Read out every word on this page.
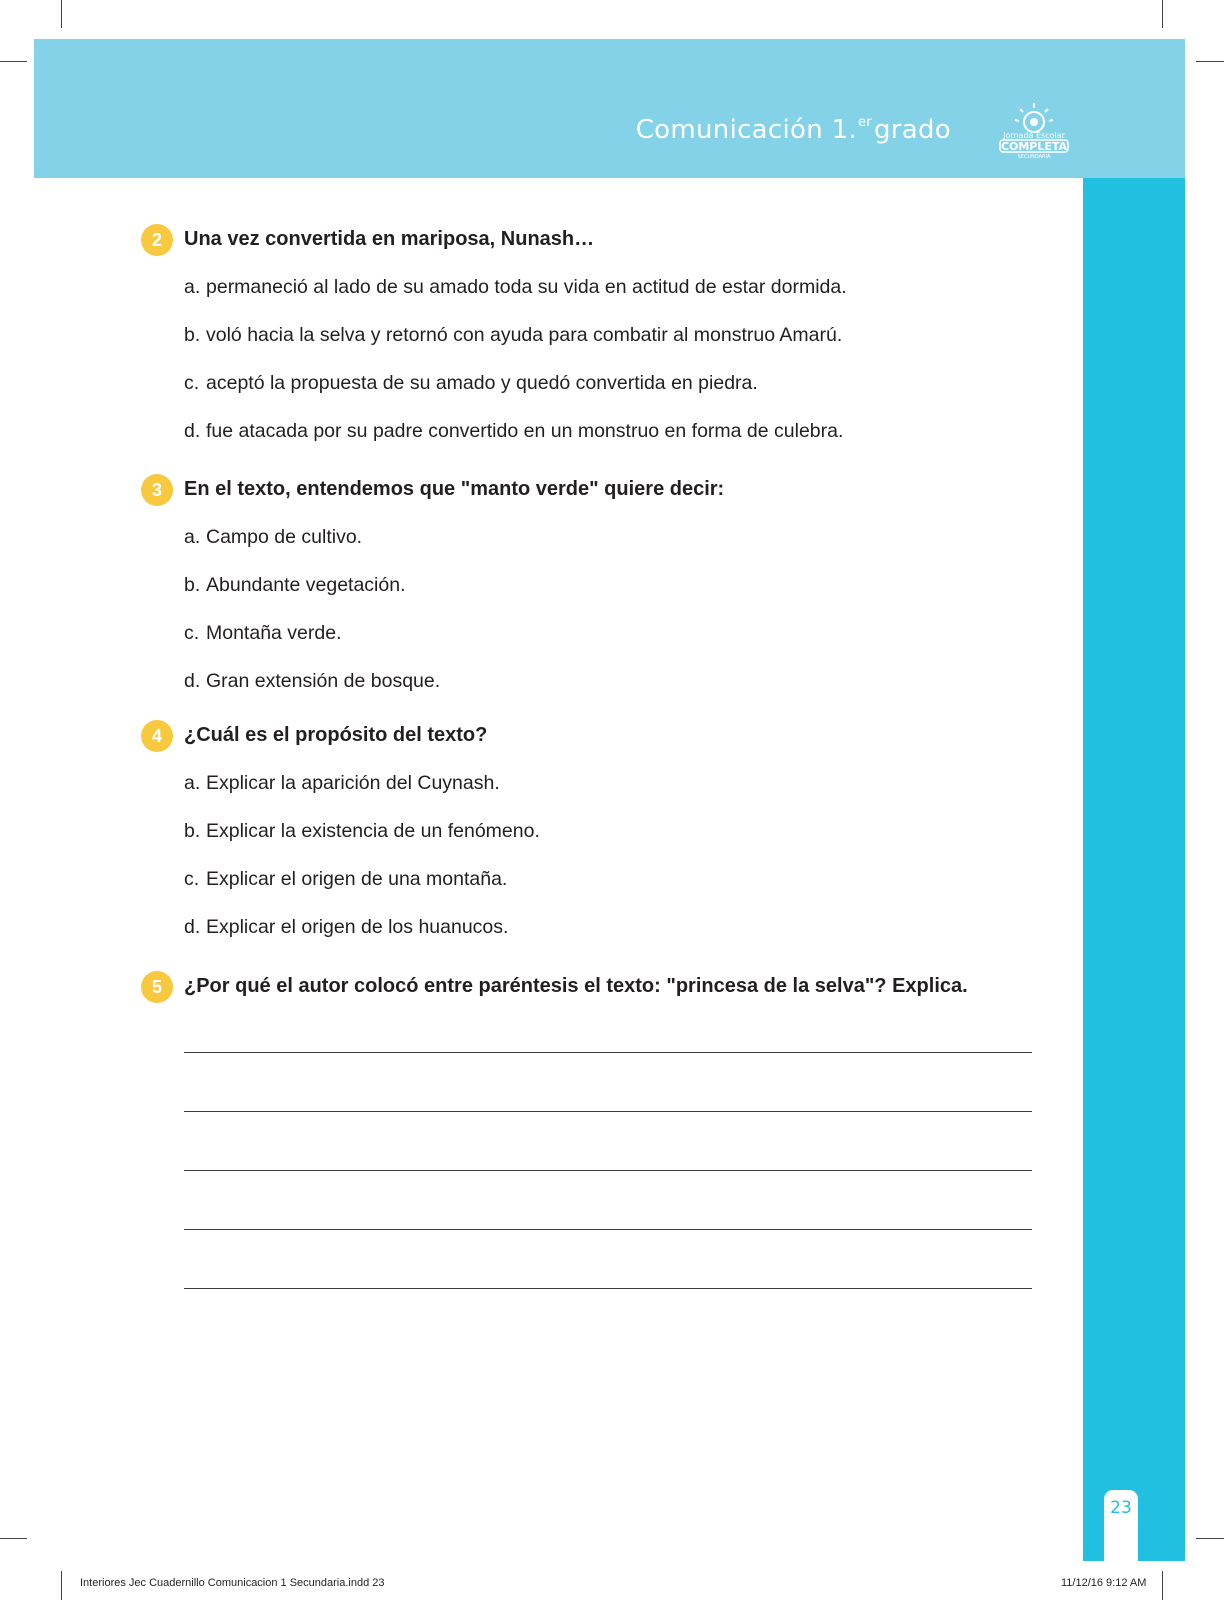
Comunicación 1.$^{er}$grado	Jornada Escolar
COMPLETA
SECUNDARIA
23
2	Una vez convertida en mariposa, Nunash…
a. permaneció al lado de su amado toda su vida en actitud de estar dormida.
b. voló hacia la selva y retornó con ayuda para combatir al monstruo Amarú.
c. aceptó la propuesta de su amado y quedó convertida en piedra.
d. fue atacada por su padre convertido en un monstruo en forma de culebra.
3	En el texto, entendemos que "manto verde" quiere decir:
a. Campo de cultivo.
b. Abundante vegetación.
c. Montaña verde.
d. Gran extensión de bosque.
4	¿Cuál es el propósito del texto?
a. Explicar la aparición del Cuynash.
b. Explicar la existencia de un fenómeno.
c. Explicar el origen de una montaña.
d. Explicar el origen de los huanucos.
5	¿Por qué el autor colocó entre paréntesis el texto: "princesa de la selva"? Explica.
Interiores Jec Cuadernillo Comunicacion 1 Secundaria.indd 23	11/12/16 9:12 AM
